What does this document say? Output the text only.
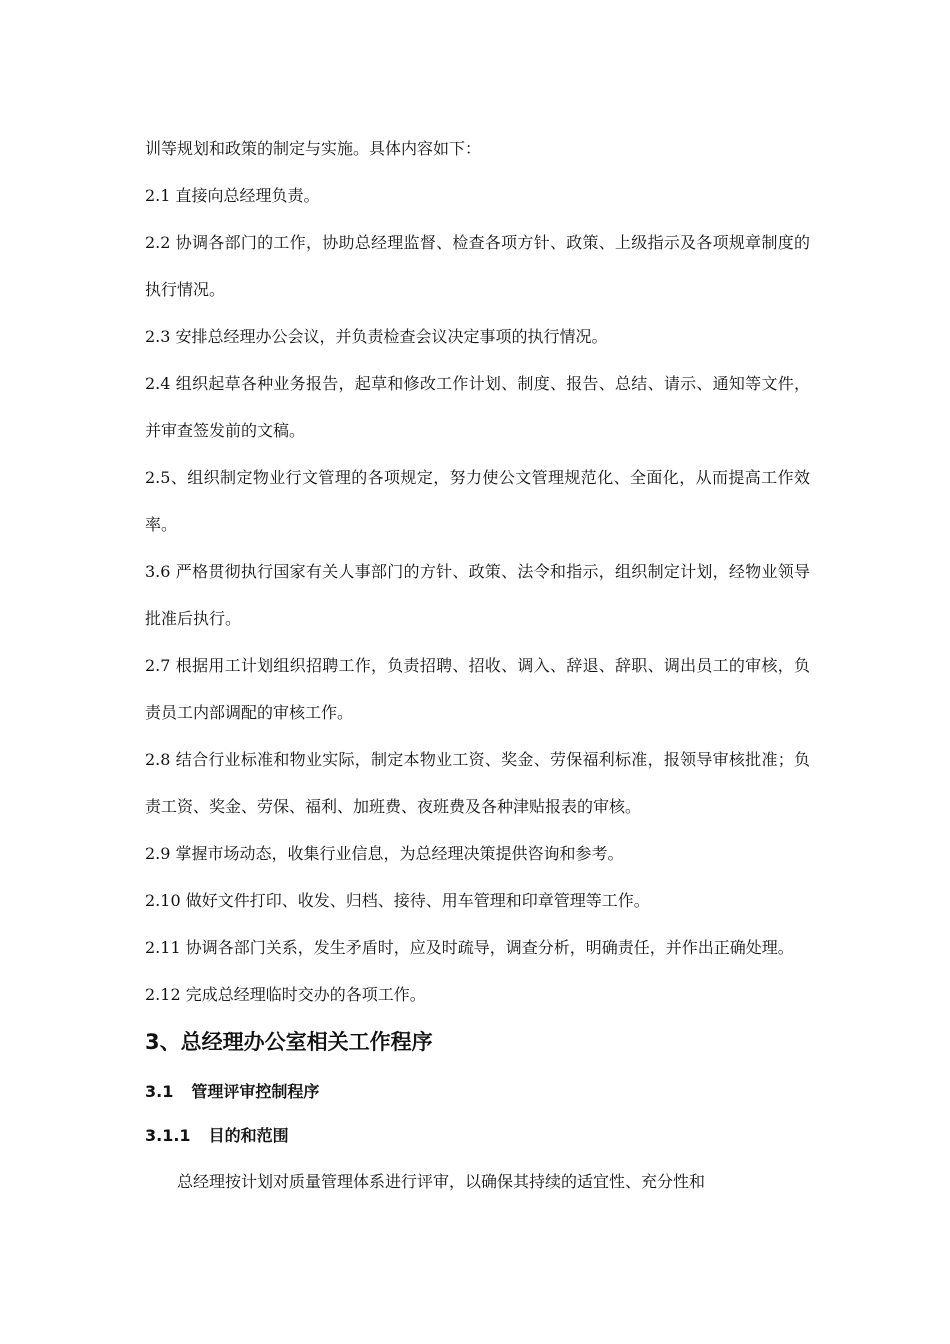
训等规划和政策的制定与实施。具体内容如下：

2.1 直接向总经理负责。

2.2 协调各部门的工作，协助总经理监督、检查各项方针、政策、上级指示及各项规章制度的执行情况。

2.3 安排总经理办公会议，并负责检查会议决定事项的执行情况。

2.4 组织起草各种业务报告，起草和修改工作计划、制度、报告、总结、请示、通知等文件，并审查签发前的文稿。

2.5、组织制定物业行文管理的各项规定，努力使公文管理规范化、全面化，从而提高工作效率。

3.6 严格贯彻执行国家有关人事部门的方针、政策、法令和指示，组织制定计划，经物业领导批准后执行。

2.7 根据用工计划组织招聘工作，负责招聘、招收、调入、辞退、辞职、调出员工的审核，负责员工内部调配的审核工作。

2.8 结合行业标准和物业实际，制定本物业工资、奖金、劳保福利标准，报领导审核批准；负责工资、奖金、劳保、福利、加班费、夜班费及各种津贴报表的审核。

2.9 掌握市场动态，收集行业信息，为总经理决策提供咨询和参考。

2.10 做好文件打印、收发、归档、接待、用车管理和印章管理等工作。

2.11 协调各部门关系，发生矛盾时，应及时疏导，调查分析，明确责任，并作出正确处理。

2.12 完成总经理临时交办的各项工作。

3、总经理办公室相关工作程序
3.1 管理评审控制程序
3.1.1 目的和范围

总经理按计划对质量管理体系进行评审，以确保其持续的适宜性、充分性和
